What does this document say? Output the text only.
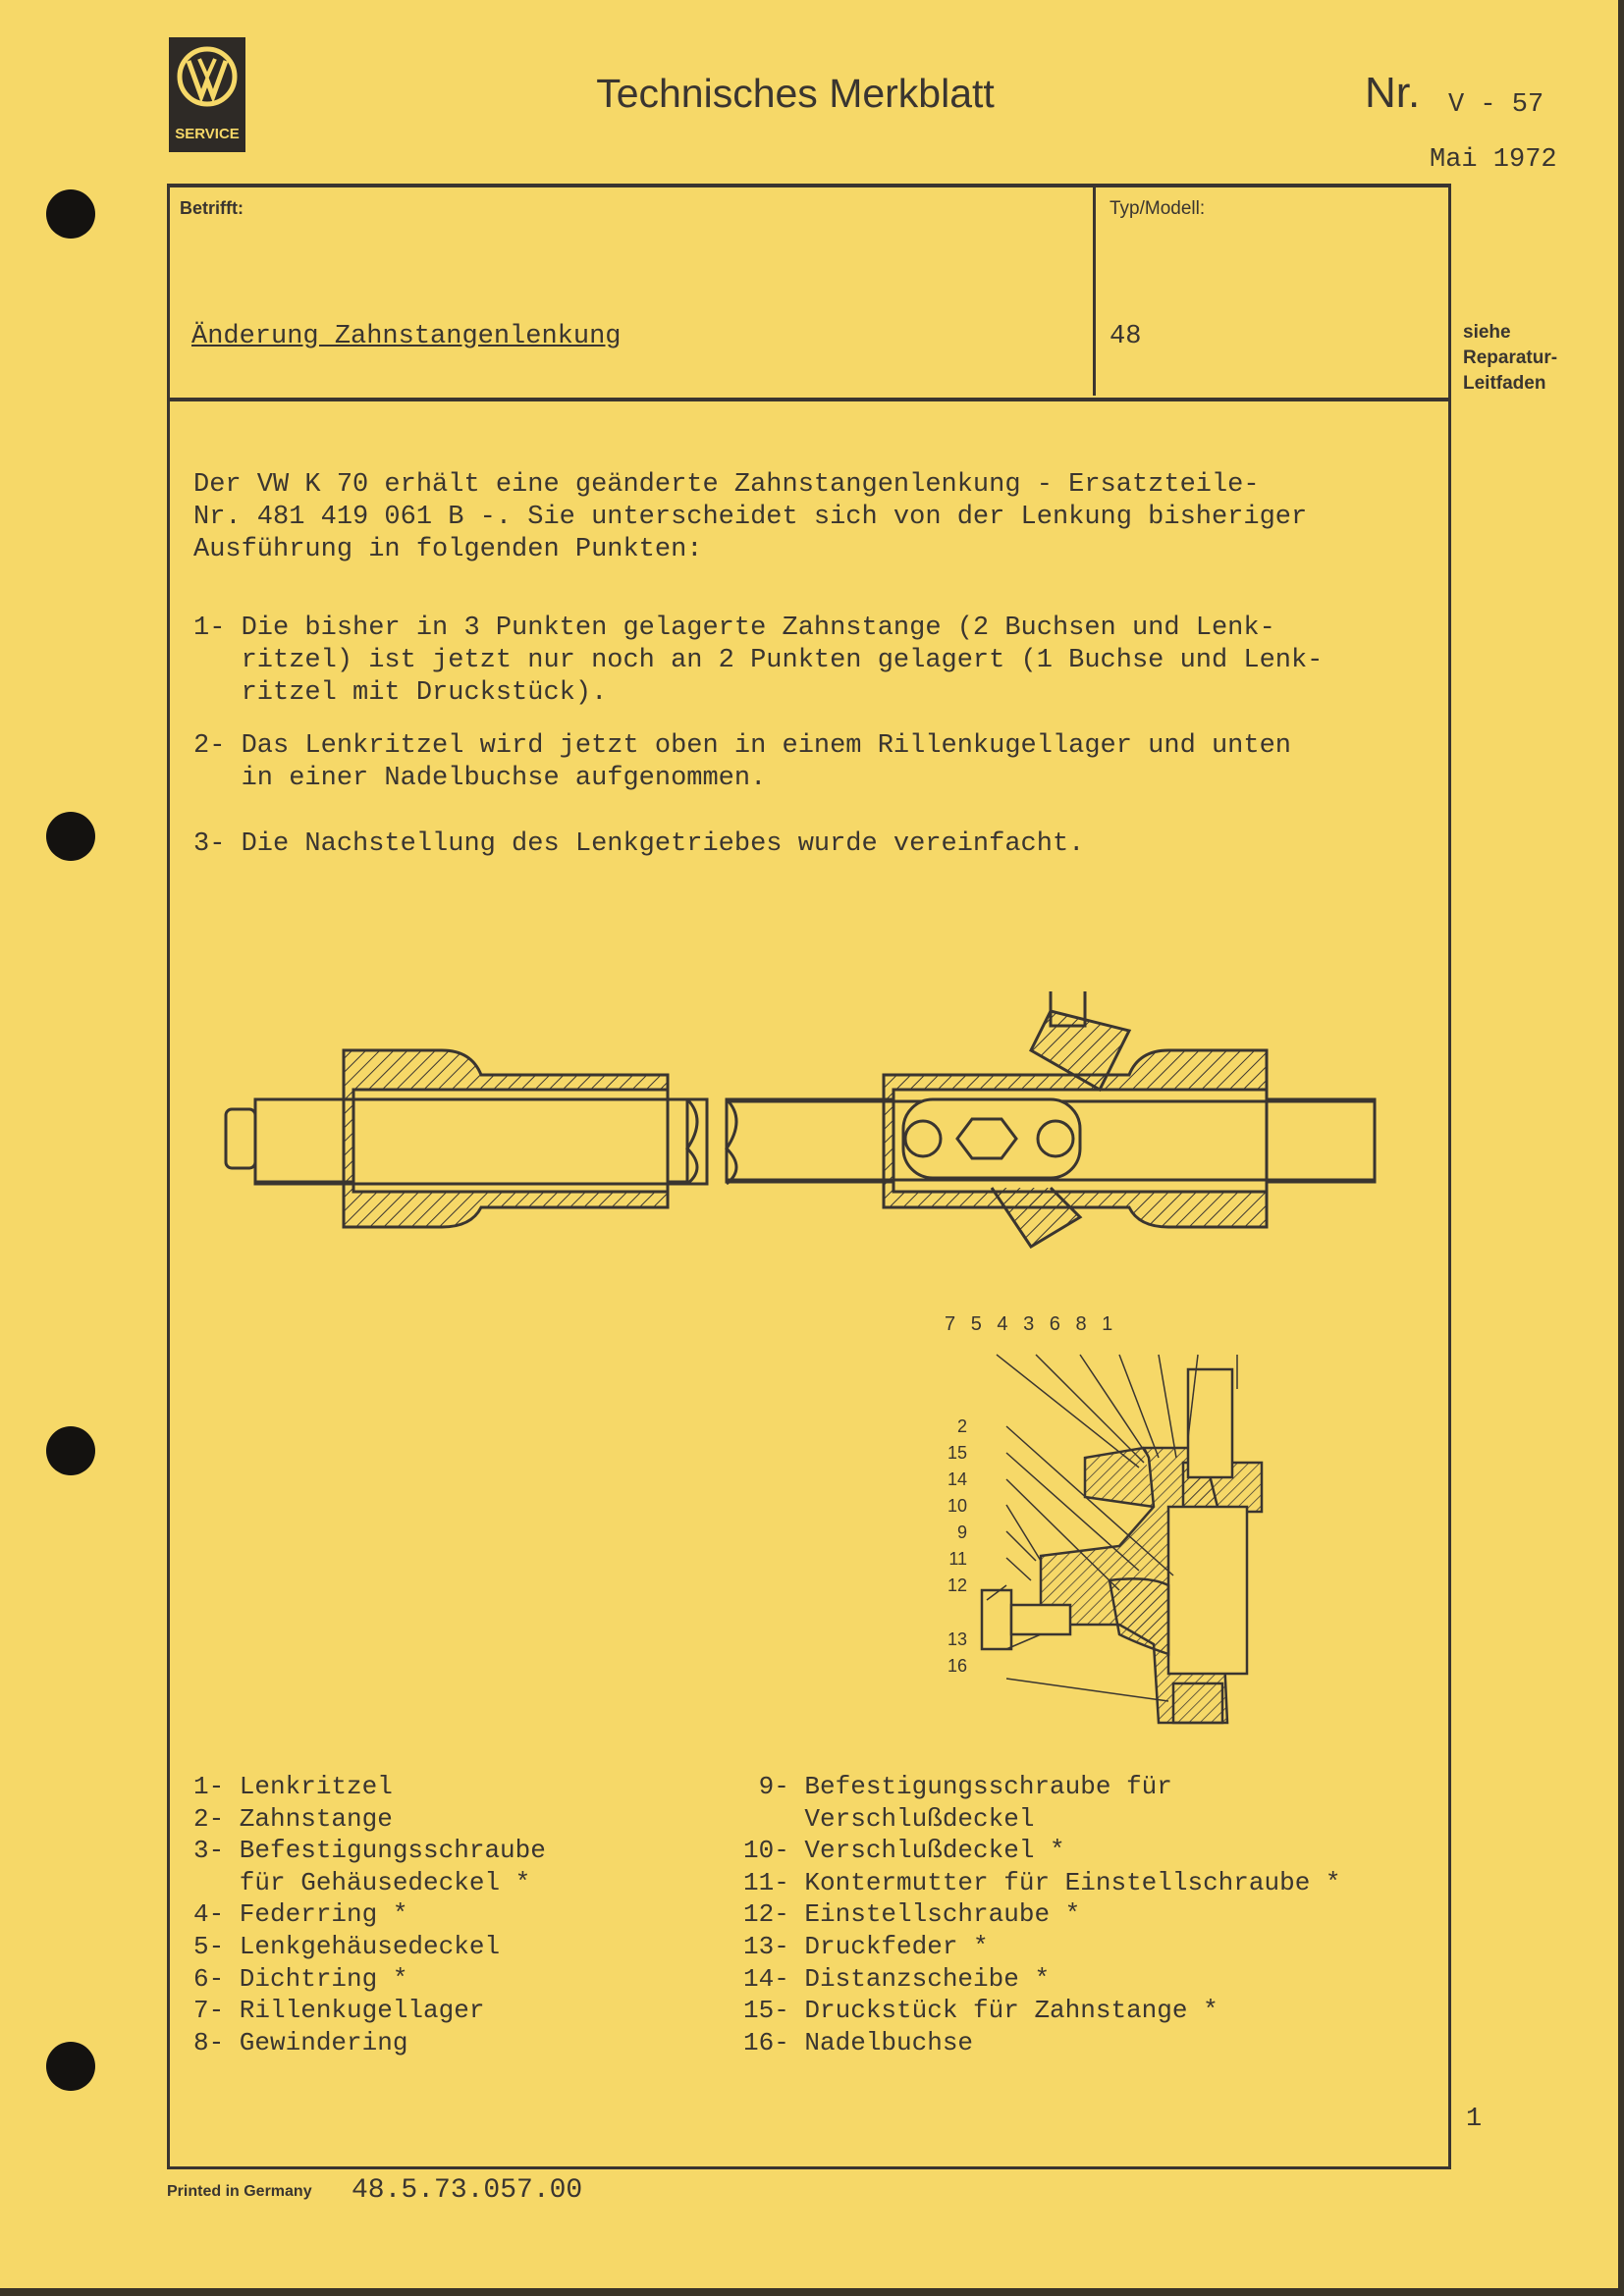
SERVICE
Technisches Merkblatt	Nr. V - 57
Mai 1972
Betrifft:
Änderung Zahnstangenlenkung
Typ/Modell:
48	siehe
Reparatur-
Leitfaden
Der VW K 70 erhält eine geänderte Zahnstangenlenkung - Ersatzteile-
Nr. 481 419 061 B -. Sie unterscheidet sich von der Lenkung bisheriger
Ausführung in folgenden Punkten:
1- Die bisher in 3 Punkten gelagerte Zahnstange (2 Buchsen und Lenk-
ritzel) ist jetzt nur noch an 2 Punkten gelagert (1 Buchse und Lenk-
ritzel mit Druckstück).
2- Das Lenkritzel wird jetzt oben in einem Rillenkugellager und unten
in einer Nadelbuchse aufgenommen.
3- Die Nachstellung des Lenkgetriebes wurde vereinfacht.
7 5 4 3 6 8 1
2
15
14
10
9
11
12
13
16
1- Lenkritzel
2- Zahnstange
3- Befestigungsschraube
für Gehäusedeckel *
4- Federring *
5- Lenkgehäusedeckel
6- Dichtring *
7- Rillenkugellager
8- Gewindering
9- Befestigungsschraube für
Verschlußdeckel
10- Verschlußdeckel *
11- Kontermutter für Einstellschraube *
12- Einstellschraube *
13- Druckfeder *
14- Distanzscheibe *
15- Druckstück für Zahnstange *
16- Nadelbuchse
1
Printed in Germany 48.5.73.057.00
